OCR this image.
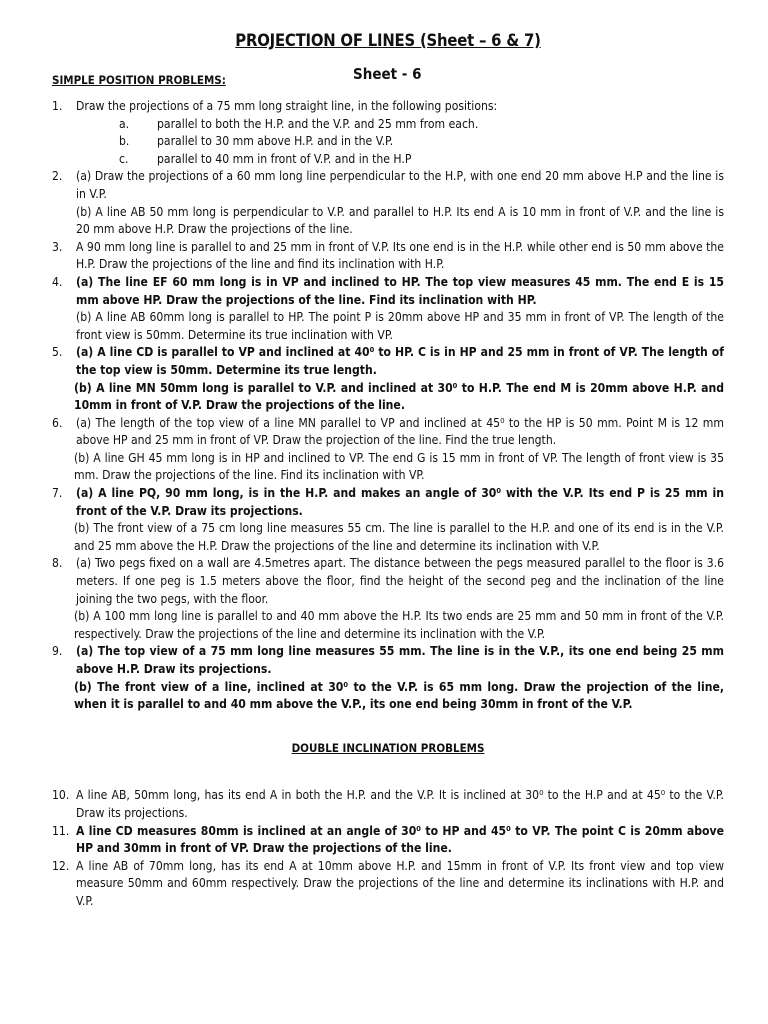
PROJECTION OF LINES (Sheet – 6 & 7)
SIMPLE POSITION PROBLEMS:	Sheet - 6
1.	Draw the projections of a 75 mm long straight line, in the following positions:
a.	parallel to both the H.P. and the V.P. and 25 mm from each.
b.	parallel to 30 mm above H.P. and in the V.P.
c.	parallel to 40 mm in front of V.P. and in the H.P
2.	(a) Draw the projections of a 60 mm long line perpendicular to the H.P, with one end 20 mm above H.P and the line is in V.P.
(b) A line AB 50 mm long is perpendicular to V.P. and parallel to H.P. Its end A is 10 mm in front of V.P. and the line is 20 mm above H.P. Draw the projections of the line.
3.	A 90 mm long line is parallel to and 25 mm in front of V.P. Its one end is in the H.P. while other end is 50 mm above the H.P. Draw the projections of the line and find its inclination with H.P.
4.	(a) The line EF 60 mm long is in VP and inclined to HP. The top view measures 45 mm. The end E is 15 mm above HP. Draw the projections of the line. Find its inclination with HP.
(b) A line AB 60mm long is parallel to HP. The point P is 20mm above HP and 35 mm in front of VP. The length of the front view is 50mm. Determine its true inclination with VP.
5.	(a) A line CD is parallel to VP and inclined at 40⁰ to HP. C is in HP and 25 mm in front of VP. The length of the top view is 50mm. Determine its true length.
(b) A line MN 50mm long is parallel to V.P. and inclined at 30⁰ to H.P. The end M is 20mm above H.P. and 10mm in front of V.P. Draw the projections of the line.
6.	(a) The length of the top view of a line MN parallel to VP and inclined at 45⁰ to the HP is 50 mm. Point M is 12 mm above HP and 25 mm in front of VP. Draw the projection of the line. Find the true length.
(b) A line GH 45 mm long is in HP and inclined to VP. The end G is 15 mm in front of VP. The length of front view is 35 mm. Draw the projections of the line. Find its inclination with VP.
7.	(a) A line PQ, 90 mm long, is in the H.P. and makes an angle of 30⁰ with the V.P. Its end P is 25 mm in front of the V.P. Draw its projections.
(b) The front view of a 75 cm long line measures 55 cm. The line is parallel to the H.P. and one of its end is in the V.P. and 25 mm above the H.P. Draw the projections of the line and determine its inclination with V.P.
8.	(a) Two pegs fixed on a wall are 4.5metres apart. The distance between the pegs measured parallel to the floor is 3.6 meters. If one peg is 1.5 meters above the floor, find the height of the second peg and the inclination of the line joining the two pegs, with the floor.
(b) A 100 mm long line is parallel to and 40 mm above the H.P. Its two ends are 25 mm and 50 mm in front of the V.P. respectively. Draw the projections of the line and determine its inclination with the V.P.
9.	(a) The top view of a 75 mm long line measures 55 mm. The line is in the V.P., its one end being 25 mm above H.P. Draw its projections.
(b) The front view of a line, inclined at 30⁰ to the V.P. is 65 mm long. Draw the projection of the line, when it is parallel to and 40 mm above the V.P., its one end being 30mm in front of the V.P.
DOUBLE INCLINATION PROBLEMS
10. A line AB, 50mm long, has its end A in both the H.P. and the V.P. It is inclined at 30⁰ to the H.P and at 45⁰ to the V.P. Draw its projections.
11. A line CD measures 80mm is inclined at an angle of 30⁰ to HP and 45⁰ to VP. The point C is 20mm above HP and 30mm in front of VP. Draw the projections of the line.
12. A line AB of 70mm long, has its end A at 10mm above H.P. and 15mm in front of V.P. Its front view and top view measure 50mm and 60mm respectively. Draw the projections of the line and determine its inclinations with H.P. and V.P.
